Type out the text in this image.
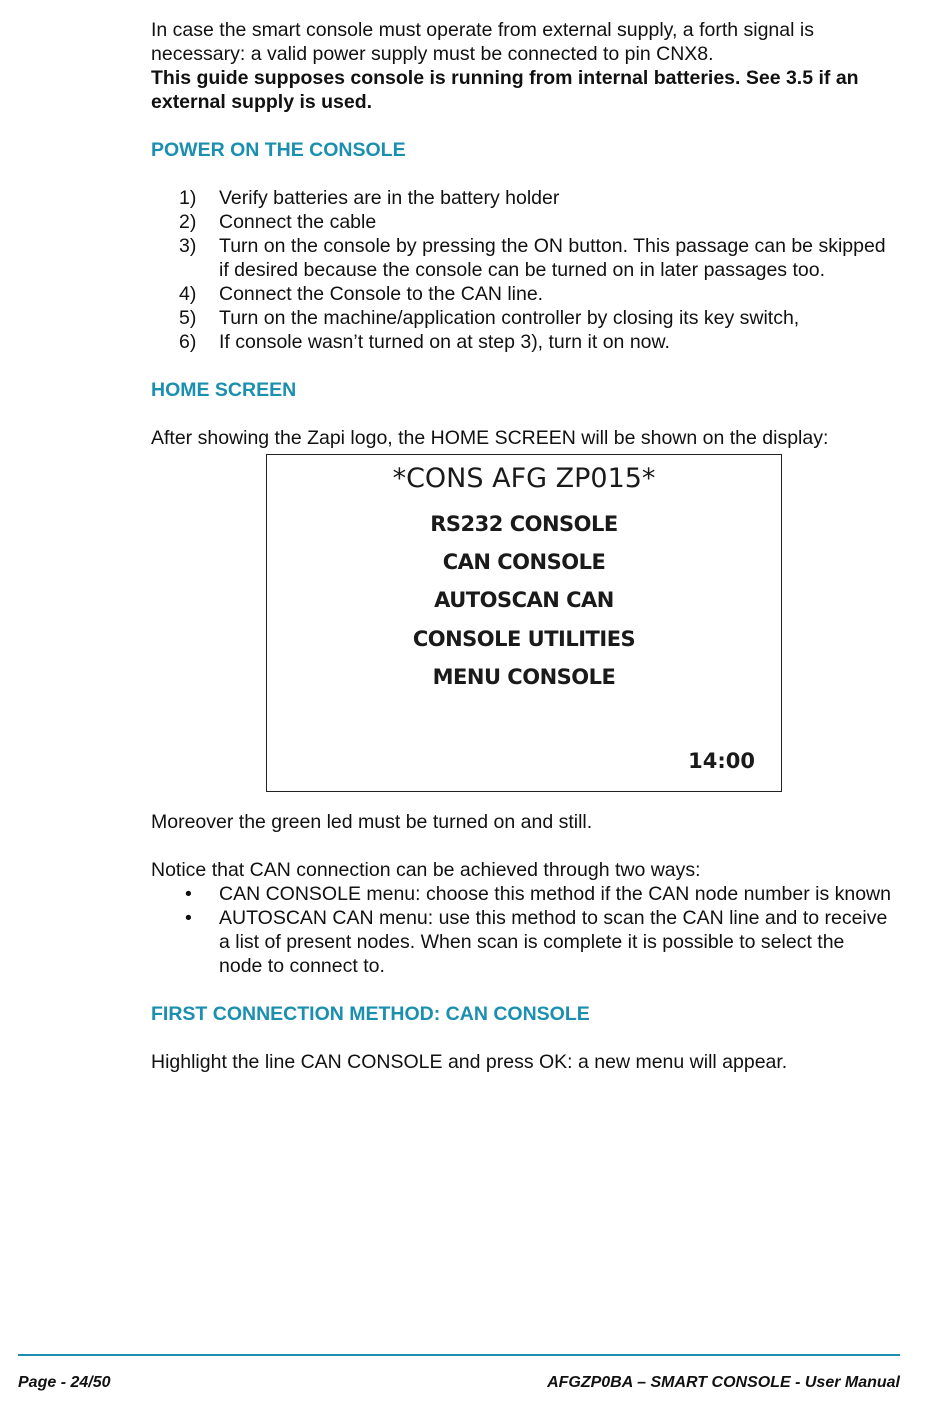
In case the smart console must operate from external supply, a forth signal is necessary: a valid power supply must be connected to pin CNX8.

This guide supposes console is running from internal batteries. See 3.5 if an external supply is used.

POWER ON THE CONSOLE

1)	Verify batteries are in the battery holder
2)	Connect the cable
3)	Turn on the console by pressing the ON button. This passage can be skipped if desired because the console can be turned on in later passages too.
4)	Connect the Console to the CAN line.
5)	Turn on the machine/application controller by closing its key switch,
6)	If console wasn’t turned on at step 3), turn it on now.

HOME SCREEN

After showing the Zapi logo, the HOME SCREEN will be shown on the display:

*CONS AFG ZP015*
RS232 CONSOLE
CAN CONSOLE
AUTOSCAN CAN
CONSOLE UTILITIES
MENU CONSOLE
14:00

Moreover the green led must be turned on and still.

Notice that CAN connection can be achieved through two ways:

•	CAN CONSOLE menu: choose this method if the CAN node number is known
•	AUTOSCAN CAN menu: use this method to scan the CAN line and to receive a list of present nodes. When scan is complete it is possible to select the node to connect to.

FIRST CONNECTION METHOD: CAN CONSOLE

Highlight the line CAN CONSOLE and press OK: a new menu will appear.

Page - 24/50	AFGZP0BA – SMART CONSOLE - User Manual
